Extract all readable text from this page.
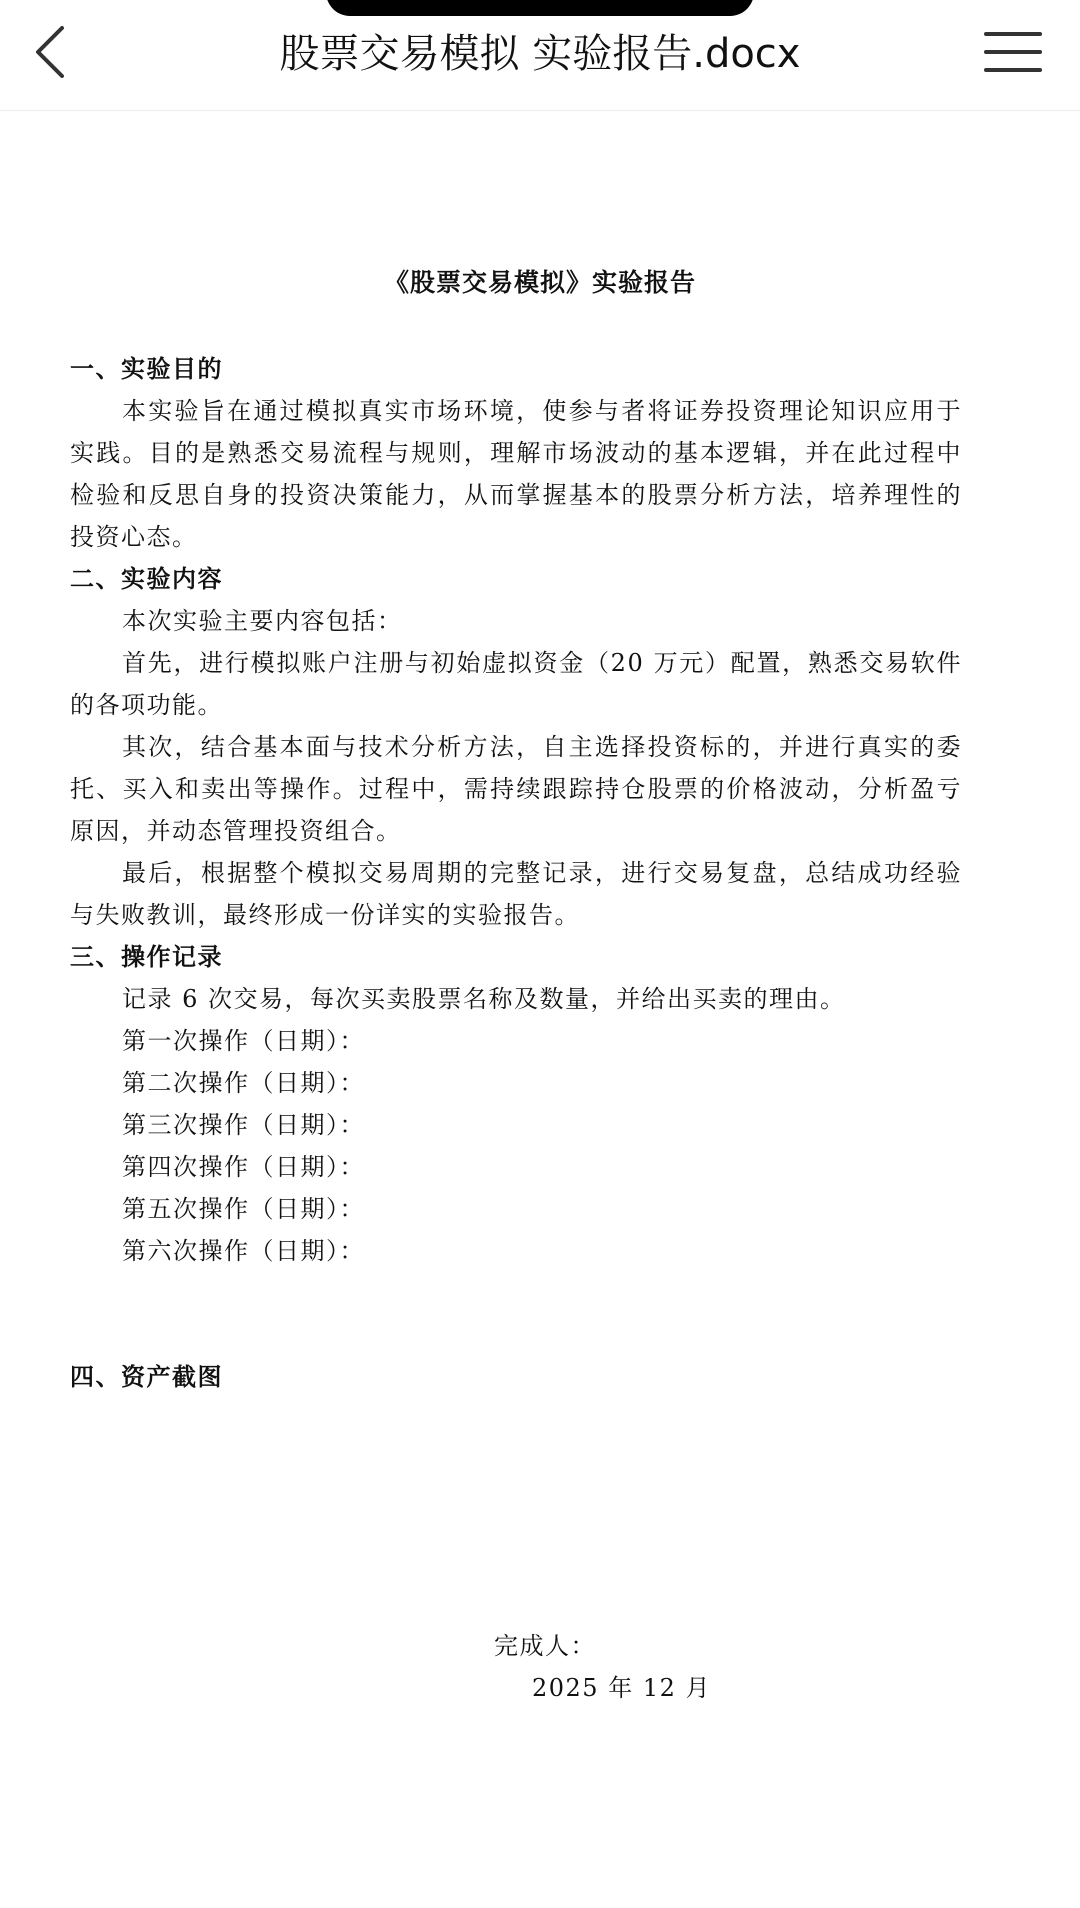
股票交易模拟 实验报告.docx
《股票交易模拟》实验报告

一、实验目的

本实验旨在通过模拟真实市场环境，使参与者将证券投资理论知识应用于实践。目的是熟悉交易流程与规则，理解市场波动的基本逻辑，并在此过程中检验和反思自身的投资决策能力，从而掌握基本的股票分析方法，培养理性的投资心态。

二、实验内容

本次实验主要内容包括：

首先，进行模拟账户注册与初始虚拟资金（20 万元）配置，熟悉交易软件的各项功能。

其次，结合基本面与技术分析方法，自主选择投资标的，并进行真实的委托、买入和卖出等操作。过程中，需持续跟踪持仓股票的价格波动，分析盈亏原因，并动态管理投资组合。

最后，根据整个模拟交易周期的完整记录，进行交易复盘，总结成功经验与失败教训，最终形成一份详实的实验报告。

三、操作记录

记录 6 次交易，每次买卖股票名称及数量，并给出买卖的理由。

第一次操作（日期）：

第二次操作（日期）：

第三次操作（日期）：

第四次操作（日期）：

第五次操作（日期）：

第六次操作（日期）：

四、资产截图

完成人：
2025 年 12 月
